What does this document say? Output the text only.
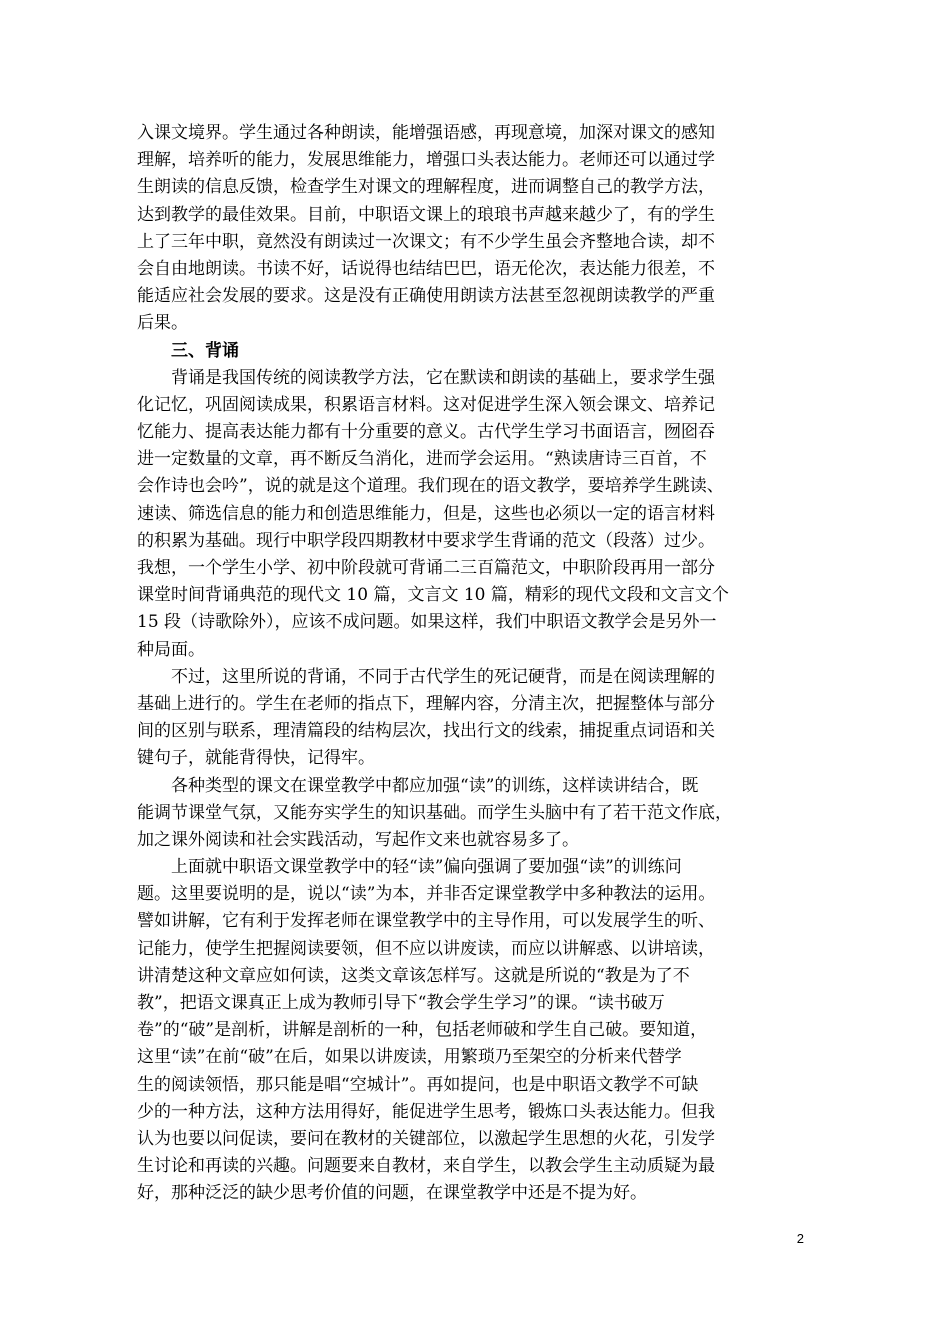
入课文境界。学生通过各种朗读，能增强语感，再现意境，加深对课文的感知
理解，培养听的能力，发展思维能力，增强口头表达能力。老师还可以通过学
生朗读的信息反馈，检查学生对课文的理解程度，进而调整自己的教学方法，
达到教学的最佳效果。目前，中职语文课上的琅琅书声越来越少了，有的学生
上了三年中职，竟然没有朗读过一次课文；有不少学生虽会齐整地合读，却不
会自由地朗读。书读不好，话说得也结结巴巴，语无伦次，表达能力很差，不
能适应社会发展的要求。这是没有正确使用朗读方法甚至忽视朗读教学的严重
后果。
三、背诵
背诵是我国传统的阅读教学方法，它在默读和朗读的基础上，要求学生强
化记忆，巩固阅读成果，积累语言材料。这对促进学生深入领会课文、培养记
忆能力、提高表达能力都有十分重要的意义。古代学生学习书面语言，囫囵吞
进一定数量的文章，再不断反刍消化，进而学会运用。“熟读唐诗三百首，不
会作诗也会吟”，说的就是这个道理。我们现在的语文教学，要培养学生跳读、
速读、筛选信息的能力和创造思维能力，但是，这些也必须以一定的语言材料
的积累为基础。现行中职学段四期教材中要求学生背诵的范文（段落）过少。
我想，一个学生小学、初中阶段就可背诵二三百篇范文，中职阶段再用一部分
课堂时间背诵典范的现代文 10 篇，文言文 10 篇，精彩的现代文段和文言文个
15 段（诗歌除外），应该不成问题。如果这样，我们中职语文教学会是另外一
种局面。
不过，这里所说的背诵，不同于古代学生的死记硬背，而是在阅读理解的
基础上进行的。学生在老师的指点下，理解内容，分清主次，把握整体与部分
间的区别与联系，理清篇段的结构层次，找出行文的线索，捕捉重点词语和关
键句子，就能背得快，记得牢。
各种类型的课文在课堂教学中都应加强“读”的训练，这样读讲结合，既
能调节课堂气氛，又能夯实学生的知识基础。而学生头脑中有了若干范文作底，
加之课外阅读和社会实践活动，写起作文来也就容易多了。
上面就中职语文课堂教学中的轻“读”偏向强调了要加强“读”的训练问
题。这里要说明的是，说以“读”为本，并非否定课堂教学中多种教法的运用。
譬如讲解，它有利于发挥老师在课堂教学中的主导作用，可以发展学生的听、
记能力，使学生把握阅读要领，但不应以讲废读，而应以讲解惑、以讲培读，
讲清楚这种文章应如何读，这类文章该怎样写。这就是所说的“教是为了不
教”，把语文课真正上成为教师引导下“教会学生学习”的课。“读书破万
卷”的“破”是剖析，讲解是剖析的一种，包括老师破和学生自己破。要知道，
这里“读”在前“破”在后，如果以讲废读，用繁琐乃至架空的分析来代替学
生的阅读领悟，那只能是唱“空城计”。再如提问，也是中职语文教学不可缺
少的一种方法，这种方法用得好，能促进学生思考，锻炼口头表达能力。但我
认为也要以问促读，要问在教材的关键部位，以激起学生思想的火花，引发学
生讨论和再读的兴趣。问题要来自教材，来自学生，以教会学生主动质疑为最
好，那种泛泛的缺少思考价值的问题，在课堂教学中还是不提为好。
2
